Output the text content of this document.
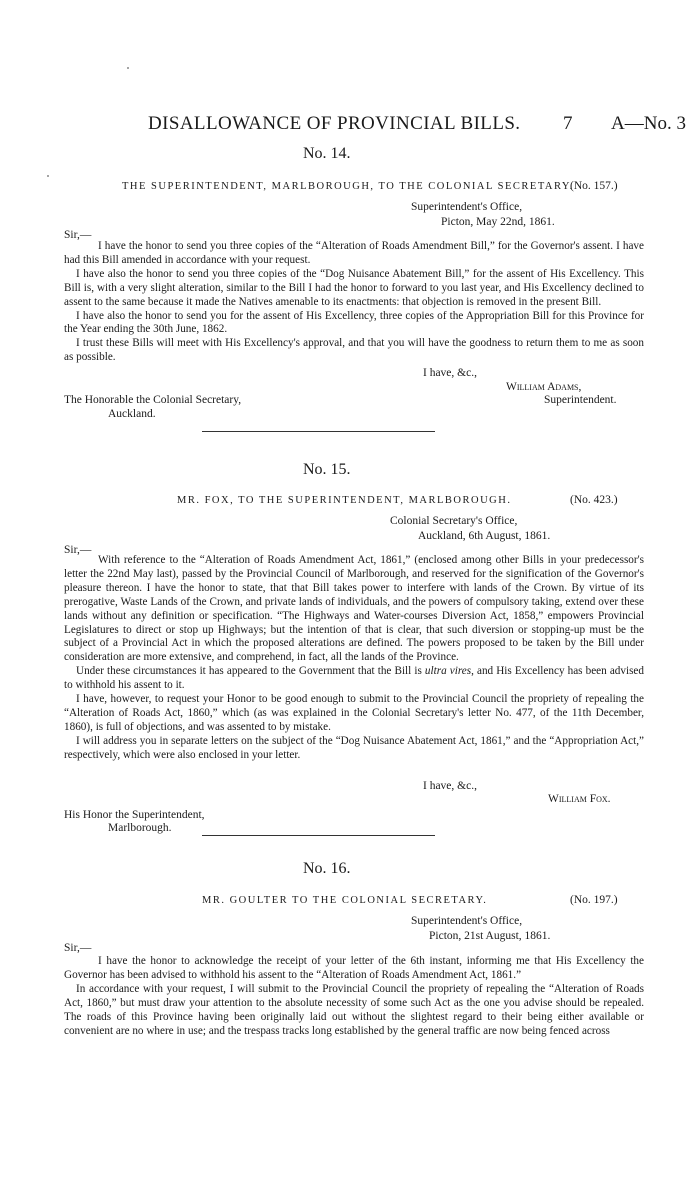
DISALLOWANCE OF PROVINCIAL BILLS. 7 A—No. 3
No. 14.
THE SUPERINTENDENT, MARLBOROUGH, TO THE COLONIAL SECRETARY.
(No. 157.)
Superintendent's Office,
Picton, May 22nd, 1861.
Sir,—

I have the honor to send you three copies of the “Alteration of Roads Amendment Bill,” for the Governor's assent. I have had this Bill amended in accordance with your request.

I have also the honor to send you three copies of the “Dog Nuisance Abatement Bill,” for the assent of His Excellency. This Bill is, with a very slight alteration, similar to the Bill I had the honor to forward to you last year, and His Excellency declined to assent to the same because it made the Natives amenable to its enactments: that objection is removed in the present Bill.

I have also the honor to send you for the assent of His Excellency, three copies of the Appropriation Bill for this Province for the Year ending the 30th June, 1862.

I trust these Bills will meet with His Excellency's approval, and that you will have the goodness to return them to me as soon as possible.

I have, &c.,
William Adams,
Superintendent.
The Honorable the Colonial Secretary,
Auckland.
No. 15.
MR. FOX, TO THE SUPERINTENDENT, MARLBOROUGH.	(No. 423.)
Colonial Secretary's Office,
Auckland, 6th August, 1861.
Sir,—

With reference to the “Alteration of Roads Amendment Act, 1861,” (enclosed among other Bills in your predecessor's letter the 22nd May last), passed by the Provincial Council of Marlborough, and reserved for the signification of the Governor's pleasure thereon. I have the honor to state, that that Bill takes power to interfere with lands of the Crown. By virtue of its prerogative, Waste Lands of the Crown, and private lands of individuals, and the powers of compulsory taking, extend over these lands without any definition or specification. “The Highways and Water-courses Diversion Act, 1858,” empowers Provincial Legislatures to direct or stop up Highways; but the intention of that is clear, that such diversion or stopping-up must be the subject of a Provincial Act in which the proposed alterations are defined. The powers proposed to be taken by the Bill under consideration are more extensive, and comprehend, in fact, all the lands of the Province.

Under these circumstances it has appeared to the Government that the Bill is ultra vires, and His Excellency has been advised to withhold his assent to it.

I have, however, to request your Honor to be good enough to submit to the Provincial Council the propriety of repealing the “Alteration of Roads Act, 1860,” which (as was explained in the Colonial Secretary's letter No. 477, of the 11th December, 1860), is full of objections, and was assented to by mistake.

I will address you in separate letters on the subject of the “Dog Nuisance Abatement Act, 1861,” and the “Appropriation Act,” respectively, which were also enclosed in your letter.

I have, &c.,
William Fox.
His Honor the Superintendent,
Marlborough.
No. 16.
MR. GOULTER TO THE COLONIAL SECRETARY.	(No. 197.)
Superintendent's Office,
Picton, 21st August, 1861.
Sir,—

I have the honor to acknowledge the receipt of your letter of the 6th instant, informing me that His Excellency the Governor has been advised to withhold his assent to the “Alteration of Roads Amendment Act, 1861.”

In accordance with your request, I will submit to the Provincial Council the propriety of repealing the “Alteration of Roads Act, 1860,” but must draw your attention to the absolute necessity of some such Act as the one you advise should be repealed. The roads of this Province having been originally laid out without the slightest regard to their being either available or convenient are no where in use; and the trespass tracks long established by the general traffic are now being fenced across
